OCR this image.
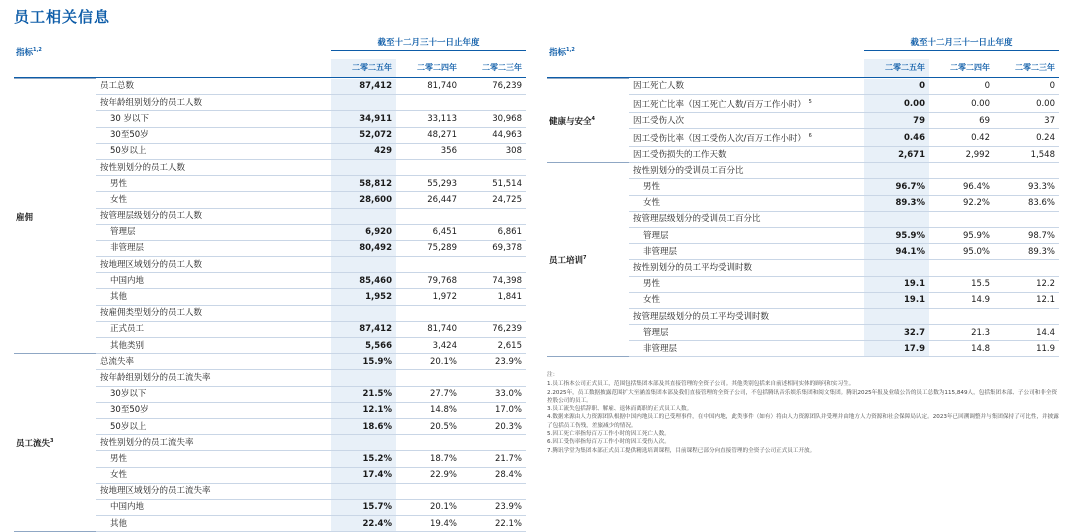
员工相关信息
指标$^{1,2}$
截至十二月三十一日止年度
二零二五年	二零二四年	二零二三年
雇佣	员工总数	87,412	81,740	76,239
	按年龄组别划分的员工人数			
	30 岁以下	34,911	33,113	30,968
	30至50岁	52,072	48,271	44,963
	50岁以上	429	356	308
	按性别划分的员工人数			
	男性	58,812	55,293	51,514
	女性	28,600	26,447	24,725
	按管理层级划分的员工人数			
	管理层	6,920	6,451	6,861
	非管理层	80,492	75,289	69,378
	按地理区域划分的员工人数			
	中国内地	85,460	79,768	74,398
	其他	1,952	1,972	1,841
	按雇佣类型划分的员工人数			
	正式员工	87,412	81,740	76,239
	其他类别	5,566	3,424	2,615
员工流失$^3$	总流失率	15.9%	20.1%	23.9%
	按年龄组别划分的员工流失率			
	30岁以下	21.5%	27.7%	33.0%
	30至50岁	12.1%	14.8%	17.0%
	50岁以上	18.6%	20.5%	20.3%
	按性别划分的员工流失率			
	男性	15.2%	18.7%	21.7%
	女性	17.4%	22.9%	28.4%
	按地理区域划分的员工流失率			
	中国内地	15.7%	20.1%	23.9%
	其他	22.4%	19.4%	22.1%
指标$^{1,2}$
截至十二月三十一日止年度
二零二五年	二零二四年	二零二三年
健康与安全$^4$	因工死亡人数	0	0	0
	因工死亡比率（因工死亡人数/百万工作小时） $^5$	0.00	0.00	0.00
	因工受伤人次	79	69	37
	因工受伤比率（因工受伤人次/百万工作小时） $^6$	0.46	0.42	0.24
	因工受伤损失的工作天数	2,671	2,992	1,548
员工培训$^7$	按性别划分的受训员工百分比			
	男性	96.7%	96.4%	93.3%
	女性	89.3%	92.2%	83.6%
	按管理层级划分的受训员工百分比			
	管理层	95.9%	95.9%	98.7%
	非管理层	94.1%	95.0%	89.3%
	按性别划分的员工平均受训时数			
	男性	19.1	15.5	12.2
	女性	19.1	14.9	12.1
	按管理层级划分的员工平均受训时数			
	管理层	32.7	21.3	14.4
	非管理层	17.9	14.8	11.9
注：
1.员工指本公司正式员工，范围包括集团本部及其直接管理的全资子公司。其他类别包括来自前述相同实体的顾问和实习生。
2.2025年，员工数据披露范围扩大至涵盖集团本部及我们直接管理的全资子公司，不包括腾讯音乐娱乐集团和阅文集团。腾讯2025年报及业绩公告的员工总数为115,849人，包括集团本部、子公司和非全资控股公司的员工。
3.员工流失包括辞职、解雇、退休而离职的正式员工人数。
4.数据来源由人力资源团队根据中国内地员工的已受理事件，在中国内地，此类事件（如有）将由人力资源团队并受理并由地方人力资源和社会保障局认定。2023年已回溯调整并与集团保持了可比性，并披露了包括员工伤残，差旅减少的情况。
5.因工死亡率指每百万工作小时的因工死亡人数。
6.因工受伤率指每百万工作小时的因工受伤人次。
7.腾讯学堂为集团本部正式员工提供精选培训课程，目前课程已部分向直接管理的全资子公司正式员工开放。
